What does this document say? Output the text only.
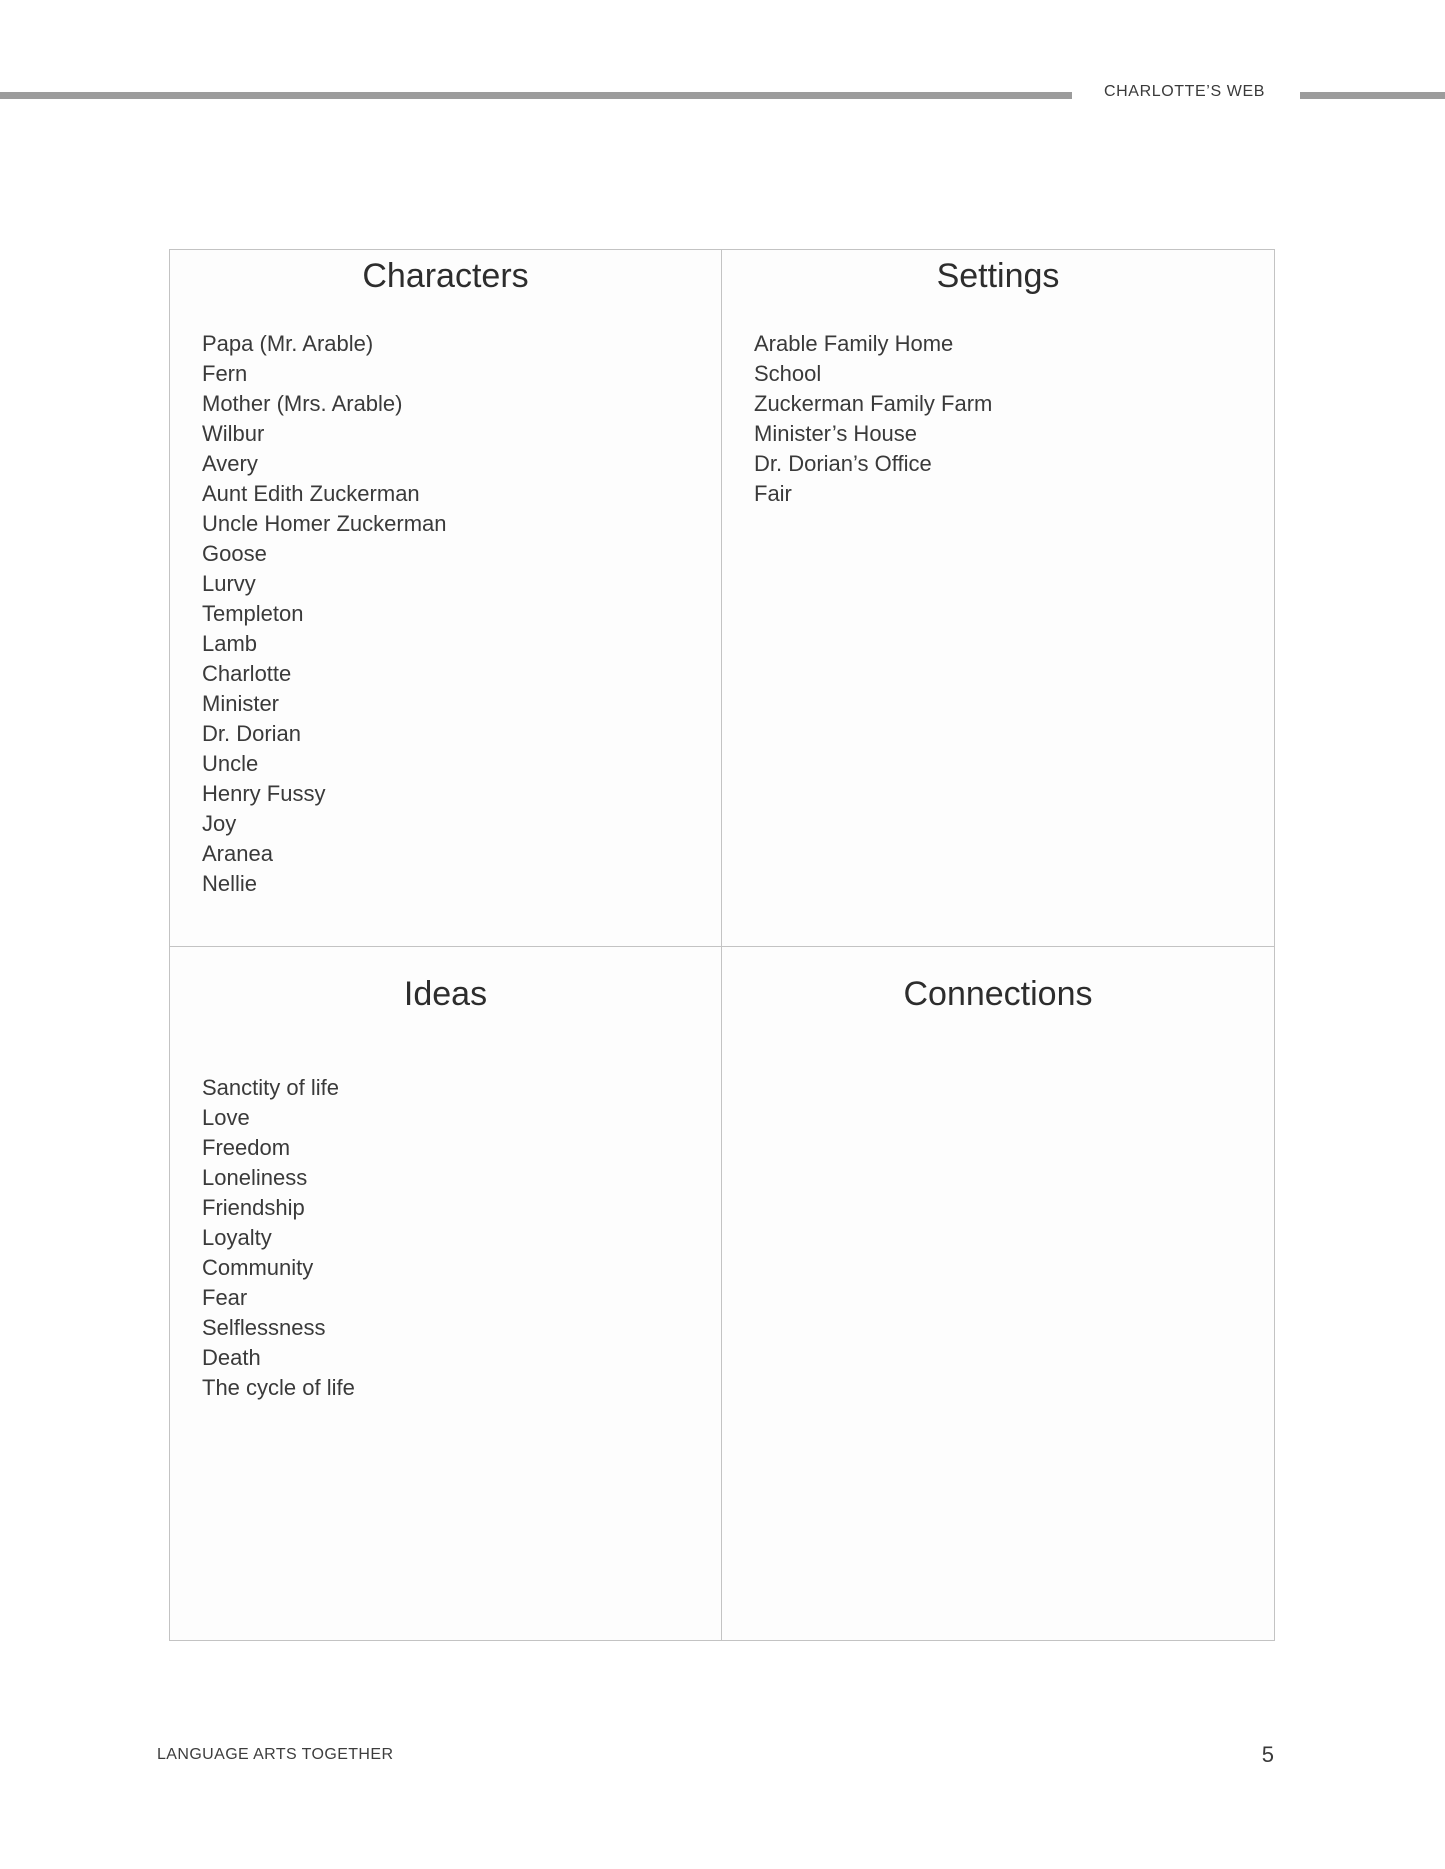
CHARLOTTE’S WEB
Characters
Papa (Mr. Arable)
Fern
Mother (Mrs. Arable)
Wilbur
Avery
Aunt Edith Zuckerman
Uncle Homer Zuckerman
Goose
Lurvy
Templeton
Lamb
Charlotte
Minister
Dr. Dorian
Uncle
Henry Fussy
Joy
Aranea
Nellie
Settings
Arable Family Home
School
Zuckerman Family Farm
Minister’s House
Dr. Dorian’s Office
Fair
Ideas
Sanctity of life
Love
Freedom
Loneliness
Friendship
Loyalty
Community
Fear
Selflessness
Death
The cycle of life
Connections
LANGUAGE ARTS TOGETHER	5
